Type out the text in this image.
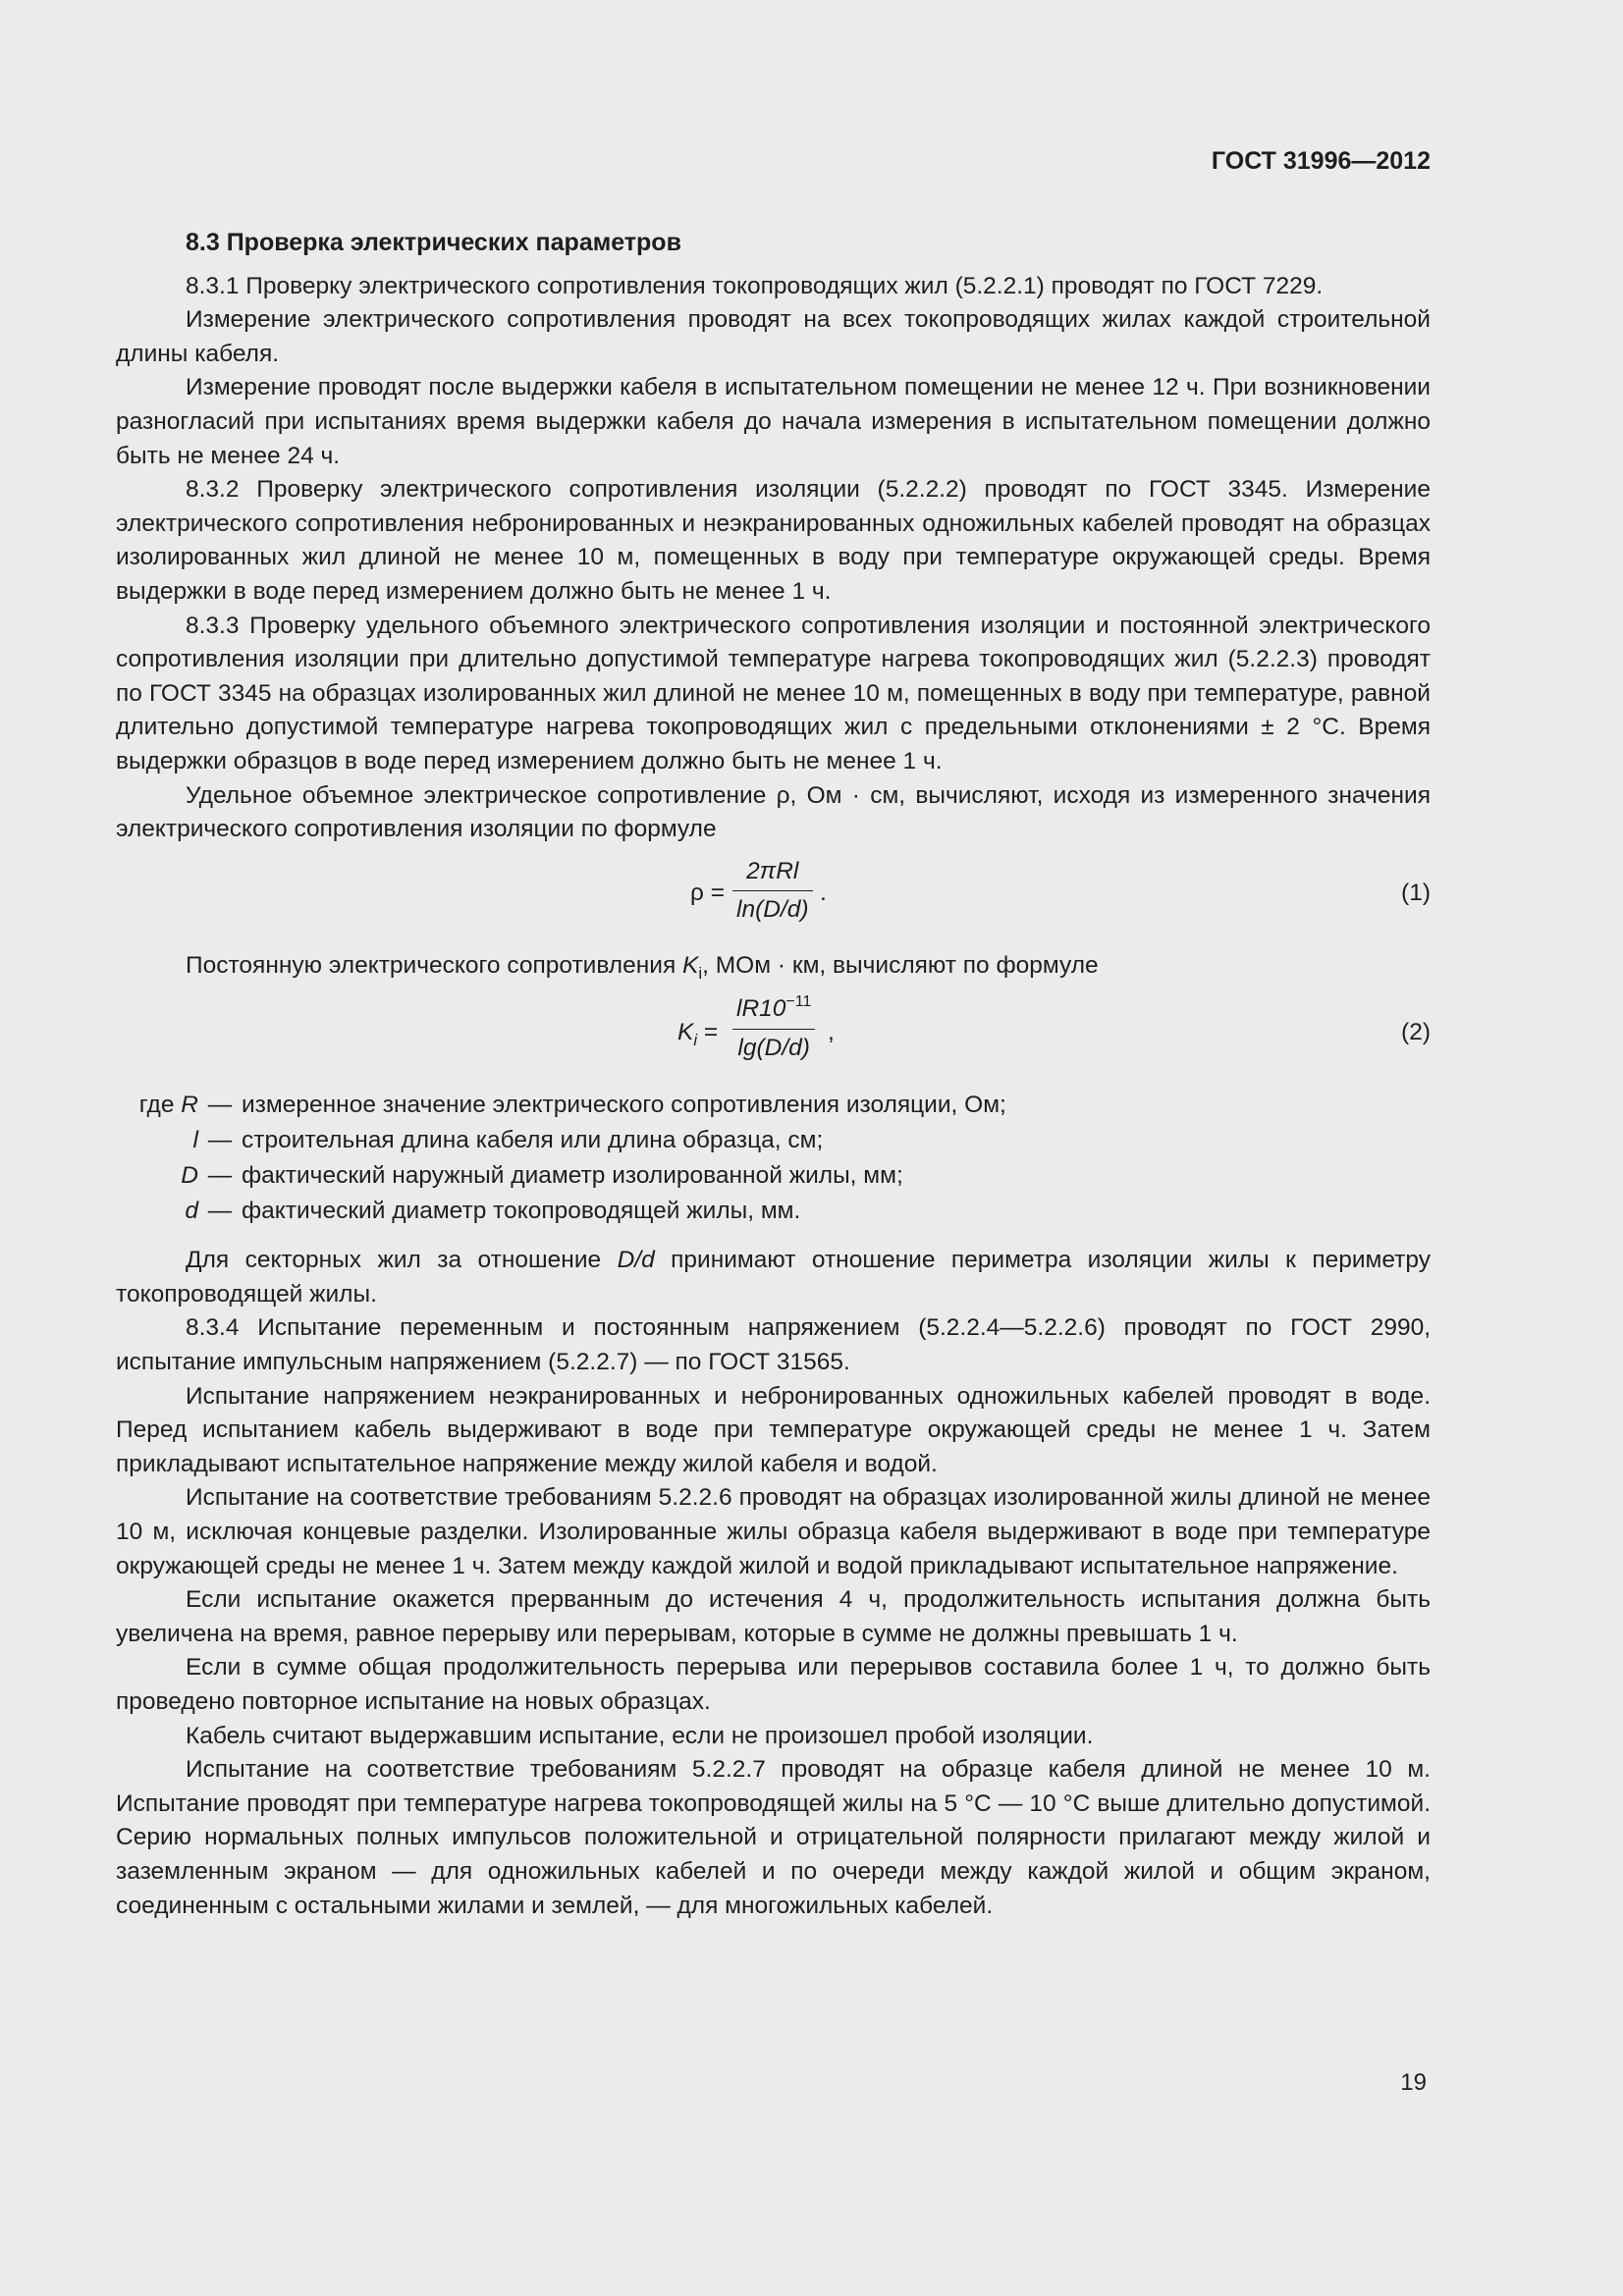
ГОСТ 31996—2012
8.3 Проверка электрических параметров

8.3.1 Проверку электрического сопротивления токопроводящих жил (5.2.2.1) проводят по ГОСТ 7229.

Измерение электрического сопротивления проводят на всех токопроводящих жилах каждой строительной длины кабеля.

Измерение проводят после выдержки кабеля в испытательном помещении не менее 12 ч. При возникновении разногласий при испытаниях время выдержки кабеля до начала измерения в испытательном помещении должно быть не менее 24 ч.

8.3.2 Проверку электрического сопротивления изоляции (5.2.2.2) проводят по ГОСТ 3345. Измерение электрического сопротивления небронированных и неэкранированных одножильных кабелей проводят на образцах изолированных жил длиной не менее 10 м, помещенных в воду при температуре окружающей среды. Время выдержки в воде перед измерением должно быть не менее 1 ч.

8.3.3 Проверку удельного объемного электрического сопротивления изоляции и постоянной электрического сопротивления изоляции при длительно допустимой температуре нагрева токопроводящих жил (5.2.2.3) проводят по ГОСТ 3345 на образцах изолированных жил длиной не менее 10 м, помещенных в воду при температуре, равной длительно допустимой температуре нагрева токопроводящих жил с предельными отклонениями ± 2 °С. Время выдержки образцов в воде перед измерением должно быть не менее 1 ч.

Удельное объемное электрическое сопротивление ρ, Ом · см, вычисляют, исходя из измеренного значения электрического сопротивления изоляции по формуле

ρ =
2πRl
ln(D/d)
.	(1)

Постоянную электрического сопротивления $K_i$, МОм · км, вычисляют по формуле

$K_i$ =
$lR10^{-11}$
lg(D/d)
,	(2)
где R — измеренное значение электрического сопротивления изоляции, Ом;
l — строительная длина кабеля или длина образца, см;
D — фактический наружный диаметр изолированной жилы, мм;
d — фактический диаметр токопроводящей жилы, мм.

Для секторных жил за отношение D/d принимают отношение периметра изоляции жилы к периметру токопроводящей жилы.

8.3.4 Испытание переменным и постоянным напряжением (5.2.2.4—5.2.2.6) проводят по ГОСТ 2990, испытание импульсным напряжением (5.2.2.7) — по ГОСТ 31565.

Испытание напряжением неэкранированных и небронированных одножильных кабелей проводят в воде. Перед испытанием кабель выдерживают в воде при температуре окружающей среды не менее 1 ч. Затем прикладывают испытательное напряжение между жилой кабеля и водой.

Испытание на соответствие требованиям 5.2.2.6 проводят на образцах изолированной жилы длиной не менее 10 м, исключая концевые разделки. Изолированные жилы образца кабеля выдерживают в воде при температуре окружающей среды не менее 1 ч. Затем между каждой жилой и водой прикладывают испытательное напряжение.

Если испытание окажется прерванным до истечения 4 ч, продолжительность испытания должна быть увеличена на время, равное перерыву или перерывам, которые в сумме не должны превышать 1 ч.

Если в сумме общая продолжительность перерыва или перерывов составила более 1 ч, то должно быть проведено повторное испытание на новых образцах.

Кабель считают выдержавшим испытание, если не произошел пробой изоляции.

Испытание на соответствие требованиям 5.2.2.7 проводят на образце кабеля длиной не менее 10 м. Испытание проводят при температуре нагрева токопроводящей жилы на 5 °С — 10 °С выше длительно допустимой. Серию нормальных полных импульсов положительной и отрицательной полярности прилагают между жилой и заземленным экраном — для одножильных кабелей и по очереди между каждой жилой и общим экраном, соединенным с остальными жилами и землей, — для многожильных кабелей.

19
